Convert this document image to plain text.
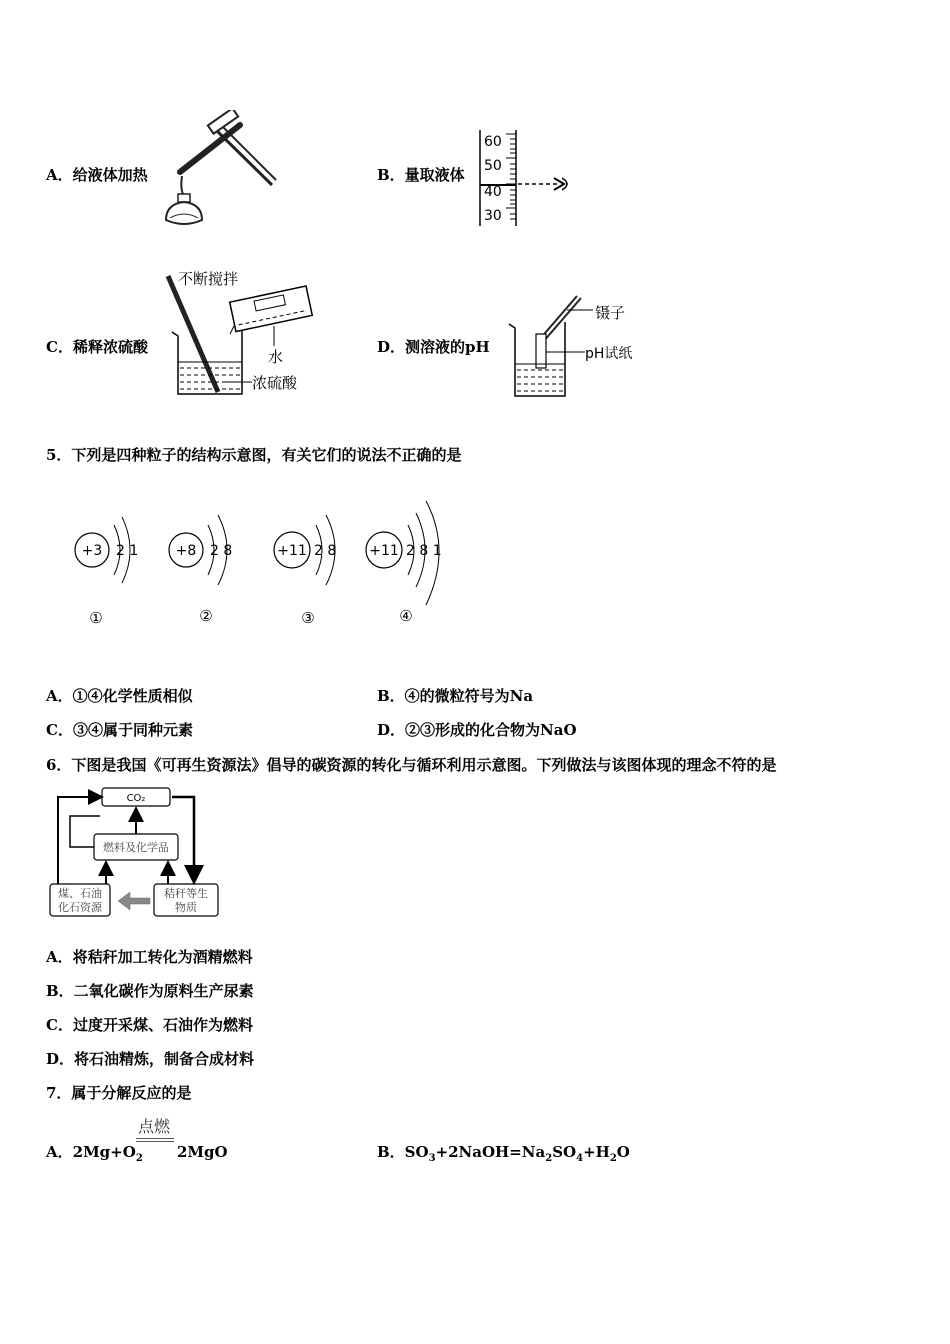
A．给液体加热	B．量取液体
60
50
40
30
C．稀释浓硫酸
不断搅拌
水
浓硫酸
D．测溶液的pH
镊子
pH试纸
5．下列是四种粒子的结构示意图，有关它们的说法不正确的是
+3 2 1
①
+8 2 8
②
+11 2 8
③
+11 2 8 1
④
A．①④化学性质相似	B．④的微粒符号为Na
C．③④属于同种元素	D．②③形成的化合物为NaO
6．下图是我国《可再生资源法》倡导的碳资源的转化与循环利用示意图。下列做法与该图体现的理念不符的是
CO₂
燃料及化学品
煤、石油
化石资源
秸秆等生
物质
A．将秸秆加工转化为酒精燃料
B．二氧化碳作为原料生产尿素
C．过度开采煤、石油作为燃料
D．将石油精炼，制备合成材料
7．属于分解反应的是
点燃
A．$2Mg+O_2$ 2MgO	B．$SO_3+2NaOH=Na_2SO_4+H_2O$
